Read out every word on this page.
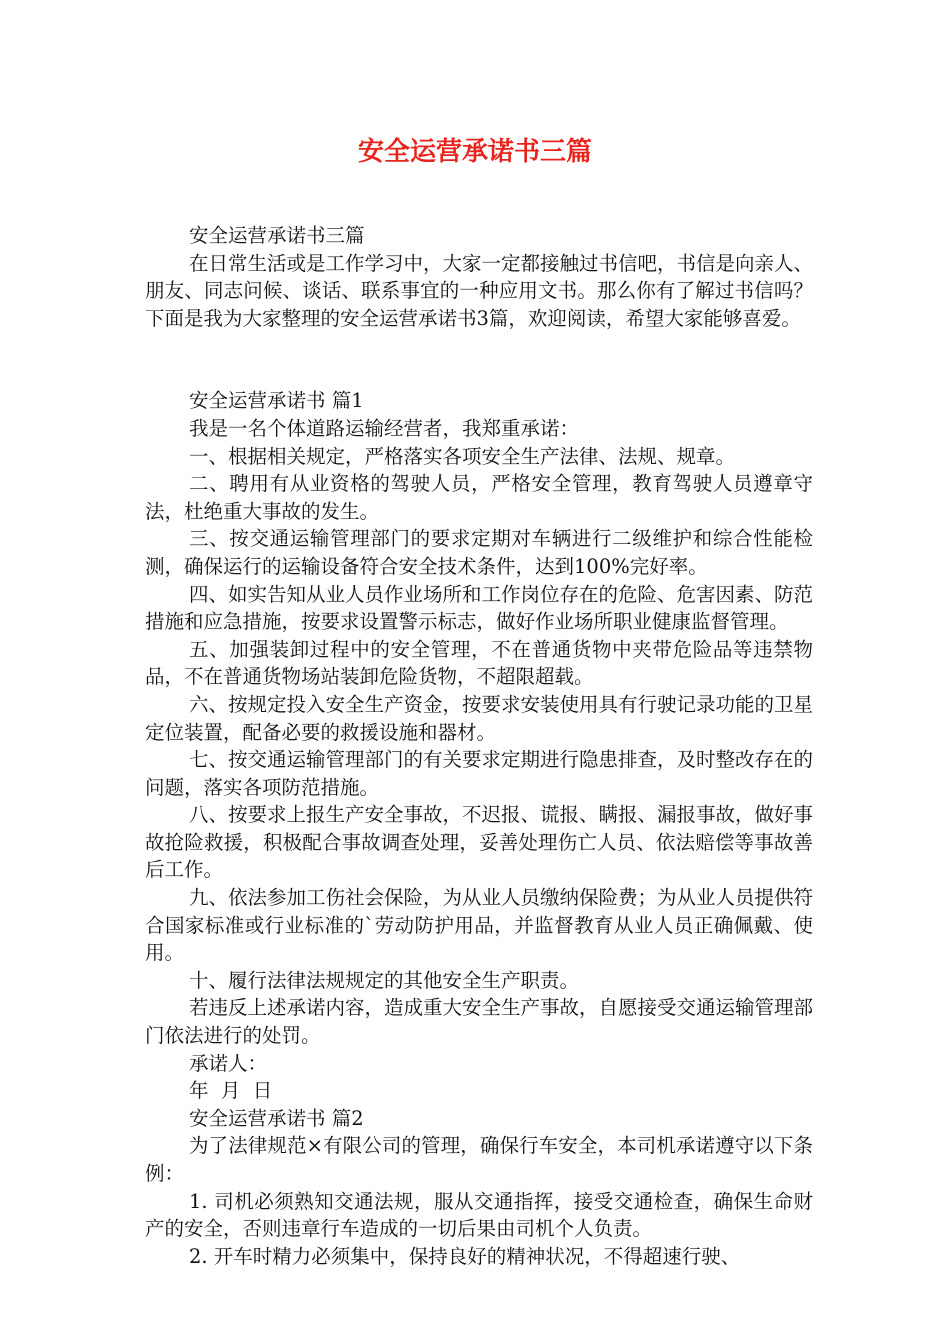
安全运营承诺书三篇

安全运营承诺书三篇

在日常生活或是工作学习中，大家一定都接触过书信吧，书信是向亲人、朋友、同志问候、谈话、联系事宜的一种应用文书。那么你有了解过书信吗？下面是我为大家整理的安全运营承诺书3篇，欢迎阅读，希望大家能够喜爱。

安全运营承诺书 篇1

我是一名个体道路运输经营者，我郑重承诺：

一、根据相关规定，严格落实各项安全生产法律、法规、规章。

二、聘用有从业资格的驾驶人员，严格安全管理，教育驾驶人员遵章守法，杜绝重大事故的发生。

三、按交通运输管理部门的要求定期对车辆进行二级维护和综合性能检测，确保运行的运输设备符合安全技术条件，达到100%完好率。

四、如实告知从业人员作业场所和工作岗位存在的危险、危害因素、防范措施和应急措施，按要求设置警示标志，做好作业场所职业健康监督管理。

五、加强装卸过程中的安全管理，不在普通货物中夹带危险品等违禁物品，不在普通货物场站装卸危险货物，不超限超载。

六、按规定投入安全生产资金，按要求安装使用具有行驶记录功能的卫星定位装置，配备必要的救援设施和器材。

七、按交通运输管理部门的有关要求定期进行隐患排查，及时整改存在的问题，落实各项防范措施。

八、按要求上报生产安全事故，不迟报、谎报、瞒报、漏报事故，做好事故抢险救援，积极配合事故调查处理，妥善处理伤亡人员、依法赔偿等事故善后工作。

九、依法参加工伤社会保险，为从业人员缴纳保险费；为从业人员提供符合国家标准或行业标准的`劳动防护用品，并监督教育从业人员正确佩戴、使用。

十、履行法律法规规定的其他安全生产职责。

若违反上述承诺内容，造成重大安全生产事故，自愿接受交通运输管理部门依法进行的处罚。

承诺人：

年  月  日

安全运营承诺书 篇2

为了法律规范×有限公司的管理，确保行车安全，本司机承诺遵守以下条例：

1. 司机必须熟知交通法规，服从交通指挥，接受交通检查，确保生命财产的安全，否则违章行车造成的一切后果由司机个人负责。

2. 开车时精力必须集中，保持良好的精神状况，不得超速行驶、
